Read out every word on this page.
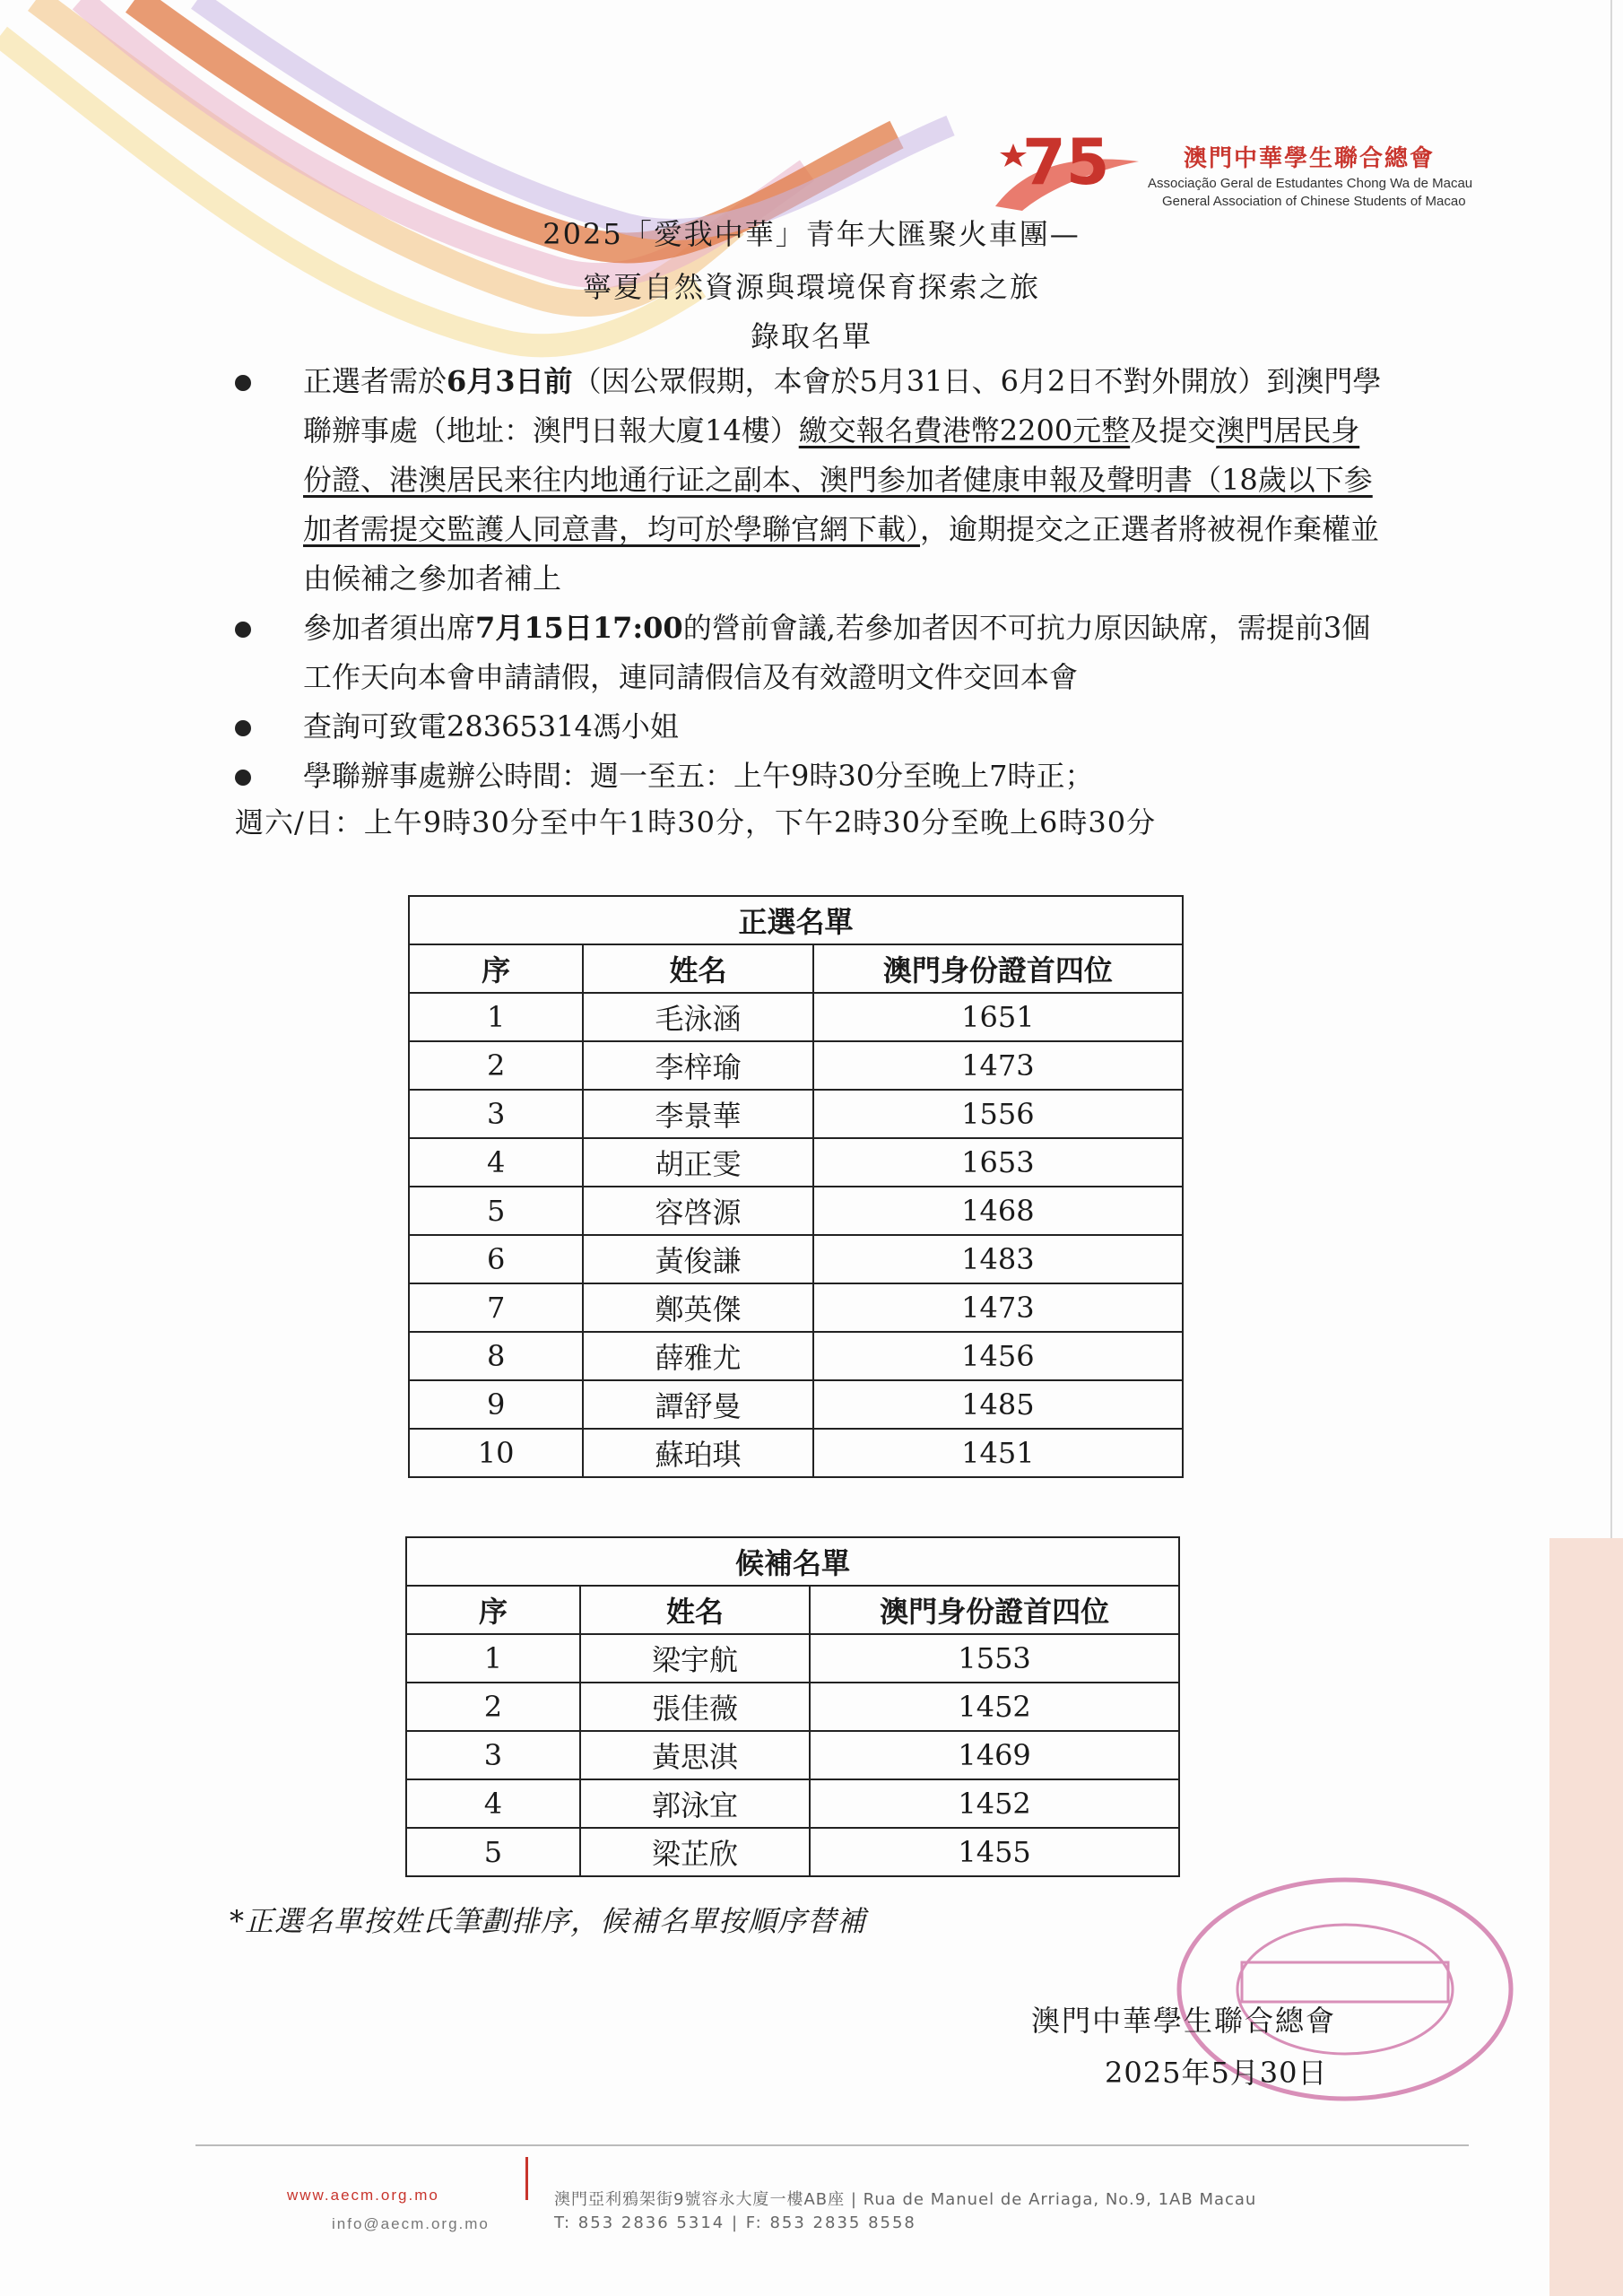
75	澳門中華學生聯合總會
Associação Geral de Estudantes Chong Wa de Macau
General Association of Chinese Students of Macao
2025「愛我中華」青年大匯聚火車團—
寧夏自然資源與環境保育探索之旅
錄取名單

正選者需於6月3日前（因公眾假期，本會於5月31日、6月2日不對外開放）到澳門學聯辦事處（地址：澳門日報大廈14樓）繳交報名費港幣2200元整及提交澳門居民身份證、港澳居民来往内地通行证之副本、澳門参加者健康申報及聲明書（18歲以下参加者需提交監護人同意書，均可於學聯官網下載），逾期提交之正選者將被視作棄權並由候補之參加者補上

參加者須出席7月15日17:00的營前會議,若參加者因不可抗力原因缺席，需提前3個工作天向本會申請請假，連同請假信及有效證明文件交回本會

查詢可致電28365314馮小姐

學聯辦事處辦公時間：週一至五：上午9時30分至晚上7時正；

週六/日：上午9時30分至中午1時30分，下午2時30分至晚上6時30分
正選名單		
序	姓名	澳門身份證首四位
1	毛泳涵	1651
2	李梓瑜	1473
3	李景華	1556
4	胡正雯	1653
5	容啓源	1468
6	黃俊謙	1483
7	鄭英傑	1473
8	薛雅尤	1456
9	譚舒曼	1485
10	蘇珀琪	1451
候補名單		
序	姓名	澳門身份證首四位
1	梁宇航	1553
2	張佳薇	1452
3	黃思淇	1469
4	郭泳宜	1452
5	梁芷欣	1455
*正選名單按姓氏筆劃排序，候補名單按順序替補
澳門中華學生聯合總會
2025年5月30日
www.aecm.org.mo
info@aecm.org.mo
澳門亞利鴉架街9號容永大廈一樓AB座 | Rua de Manuel de Arriaga, No.9, 1AB Macau
T: 853 2836 5314 | F: 853 2835 8558
